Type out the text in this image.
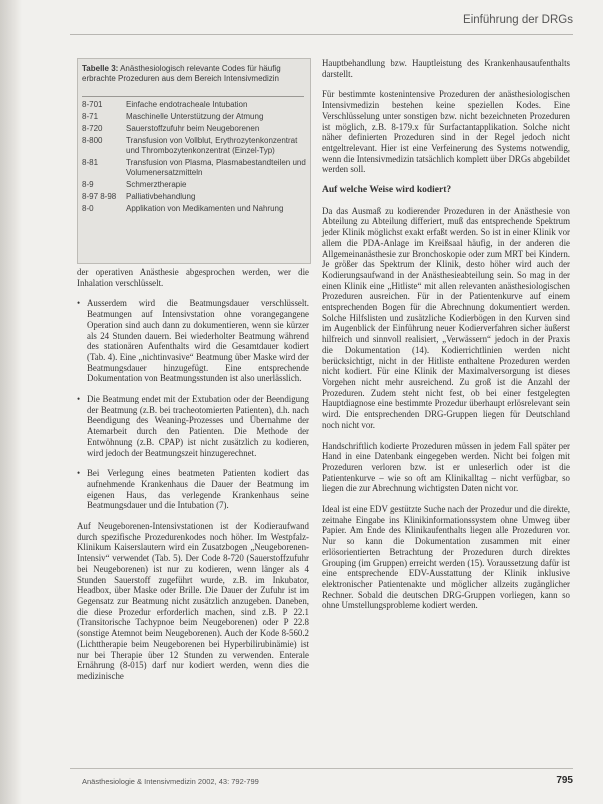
Einführung der DRGs
Tabelle 3: Anästhesiologisch relevante Codes für häufig erbrachte Prozeduren aus dem Bereich Intensivmedizin
8-701	Einfache endotracheale Intubation
8-71	Maschinelle Unterstützung der Atmung
8-720	Sauerstoffzufuhr beim Neugeborenen
8-800	Transfusion von Vollblut, Erythrozytenkonzentrat und Thrombozytenkonzentrat (Einzel-Typ)
8-81	Transfusion von Plasma, Plasmabestandteilen und Volumenersatzmitteln
8-9	Schmerztherapie
8-97 8-98	Palliativbehandlung
8-0	Applikation von Medikamenten und Nahrung

der operativen Anästhesie abgesprochen werden, wer die Inhalation verschlüsselt.

• Ausserdem wird die Beatmungsdauer verschlüsselt. Beatmungen auf Intensivstation ohne vorangegangene Operation sind auch dann zu dokumentieren, wenn sie kürzer als 24 Stunden dauern. Bei wiederholter Beatmung während des stationären Aufenthalts wird die Gesamtdauer kodiert (Tab. 4). Eine „nichtinvasive“ Beatmung über Maske wird der Beatmungsdauer hinzugefügt. Eine entsprechende Dokumentation von Beatmungsstunden ist also unerlässlich.

• Die Beatmung endet mit der Extubation oder der Beendigung der Beatmung (z.B. bei tracheotomierten Patienten), d.h. nach Beendigung des Weaning-Prozesses und Übernahme der Atemarbeit durch den Patienten. Die Methode der Entwöhnung (z.B. CPAP) ist nicht zusätzlich zu kodieren, wird jedoch der Beatmungszeit hinzugerechnet.

• Bei Verlegung eines beatmeten Patienten kodiert das aufnehmende Krankenhaus die Dauer der Beatmung im eigenen Haus, das verlegende Krankenhaus seine Beatmungsdauer und die Intubation (7).

Auf Neugeborenen-Intensivstationen ist der Kodieraufwand durch spezifische Prozedurenkodes noch höher. Im Westpfalz-Klinikum Kaiserslautern wird ein Zusatzbogen „Neugeborenen-Intensiv“ verwendet (Tab. 5). Der Code 8-720 (Sauerstoffzufuhr bei Neugeborenen) ist nur zu kodieren, wenn länger als 4 Stunden Sauerstoff zugeführt wurde, z.B. im Inkubator, Headbox, über Maske oder Brille. Die Dauer der Zufuhr ist im Gegensatz zur Beatmung nicht zusätzlich anzugeben. Daneben, die diese Prozedur erforderlich machen, sind z.B. P 22.1 (Transitorische Tachypnoe beim Neugeborenen) oder P 22.8 (sonstige Atemnot beim Neugeborenen). Auch der Kode 8-560.2 (Lichttherapie beim Neugeborenen bei Hyperbilirubinämie) ist nur bei Therapie über 12 Stunden zu verwenden. Enterale Ernährung (8-015) darf nur kodiert werden, wenn dies die medizinische

Hauptbehandlung bzw. Hauptleistung des Krankenhausaufenthalts darstellt.

Für bestimmte kostenintensive Prozeduren der anästhesiologischen Intensivmedizin bestehen keine speziellen Kodes. Eine Verschlüsselung unter sonstigen bzw. nicht bezeichneten Prozeduren ist möglich, z.B. 8-179.x für Surfactantapplikation. Solche nicht näher definierten Prozeduren sind in der Regel jedoch nicht entgeltrelevant. Hier ist eine Verfeinerung des Systems notwendig, wenn die Intensivmedizin tatsächlich komplett über DRGs abgebildet werden soll.

Auf welche Weise wird kodiert?

Da das Ausmaß zu kodierender Prozeduren in der Anästhesie von Abteilung zu Abteilung differiert, muß das entsprechende Spektrum jeder Klinik möglichst exakt erfaßt werden. So ist in einer Klinik vor allem die PDA-Anlage im Kreißsaal häufig, in der anderen die Allgemeinanästhesie zur Bronchoskopie oder zum MRT bei Kindern. Je größer das Spektrum der Klinik, desto höher wird auch der Kodierungsaufwand in der Anästhesieabteilung sein. So mag in der einen Klinik eine „Hitliste“ mit allen relevanten anästhesiologischen Prozeduren ausreichen. Für in der Patientenkurve auf einem entsprechenden Bogen für die Abrechnung dokumentiert werden. Solche Hilfslisten und zusätzliche Kodierbögen in den Kurven sind im Augenblick der Einführung neuer Kodierverfahren sicher äußerst hilfreich und sinnvoll realisiert, „Verwässern“ jedoch in der Praxis die Dokumentation (14). Kodierrichtlinien werden nicht berücksichtigt, nicht in der Hitliste enthaltene Prozeduren werden nicht kodiert. Für eine Klinik der Maximalversorgung ist dieses Vorgehen nicht mehr ausreichend. Zu groß ist die Anzahl der Prozeduren. Zudem steht nicht fest, ob bei einer festgelegten Hauptdiagnose eine bestimmte Prozedur überhaupt erlösrelevant sein wird. Die entsprechenden DRG-Gruppen liegen für Deutschland noch nicht vor.

Handschriftlich kodierte Prozeduren müssen in jedem Fall später per Hand in eine Datenbank eingegeben werden. Nicht bei folgen mit Prozeduren verloren bzw. ist er unleserlich oder ist die Patientenkurve – wie so oft am Klinikalltag – nicht verfügbar, so liegen die zur Abrechnung wichtigsten Daten nicht vor.

Ideal ist eine EDV gestützte Suche nach der Prozedur und die direkte, zeitnahe Eingabe ins Klinikinformationssystem ohne Umweg über Papier. Am Ende des Klinikaufenthalts liegen alle Prozeduren vor. Nur so kann die Dokumentation zusammen mit einer erlösorientierten Betrachtung der Prozeduren durch direktes Grouping (im Gruppen) erreicht werden (15). Voraussetzung dafür ist eine entsprechende EDV-Ausstattung der Klinik inklusive elektronischer Patientenakte und möglicher allzeits zugänglicher Rechner. Sobald die deutschen DRG-Gruppen vorliegen, kann so ohne Umstellungsprobleme kodiert werden.

Anästhesiologie & Intensivmedizin 2002, 43: 792-799	795
